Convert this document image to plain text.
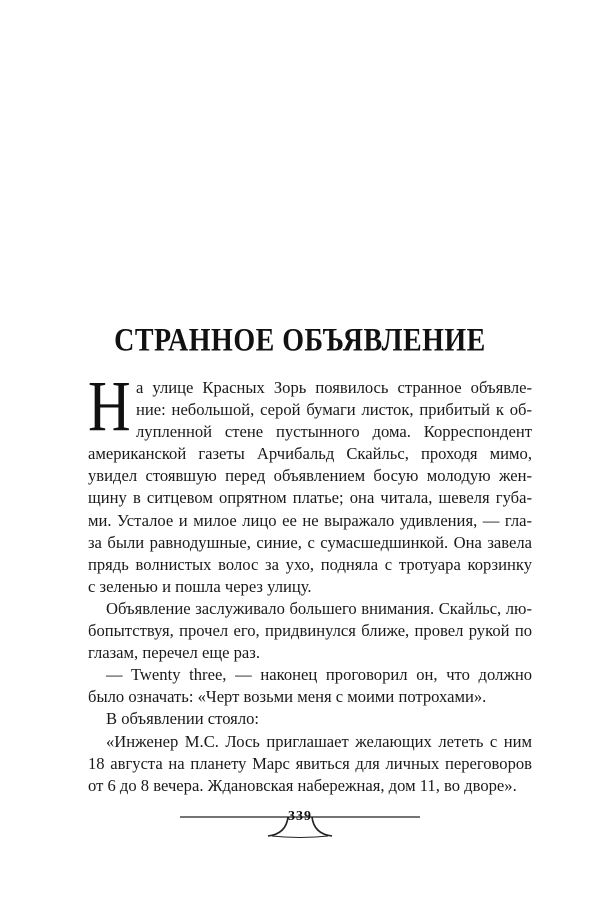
СТРАННОЕ ОБЪЯВЛЕНИЕ
Н а улице Красных Зорь появилось странное объявле-
ние: небольшой, серой бумаги листок, прибитый к об-
лупленной стене пустынного дома. Корреспондент
американской газеты Арчибальд Скайльс, проходя мимо,
увидел стоявшую перед объявлением босую молодую жен-
щину в ситцевом опрятном платье; она читала, шевеля губа-
ми. Усталое и милое лицо ее не выражало удивления, — гла-
за были равнодушные, синие, с сумасшедшинкой. Она завела
прядь волнистых волос за ухо, подняла с тротуара корзинку
с зеленью и пошла через улицу.
Объявление заслуживало большего внимания. Скайльс, лю-
бопытствуя, прочел его, придвинулся ближе, провел рукой по
глазам, перечел еще раз.
— Twenty three, — наконец проговорил он, что должно
было означать: «Черт возьми меня с моими потрохами».
В объявлении стояло:
«Инженер М.С. Лось приглашает желающих лететь с ним
18 августа на планету Марс явиться для личных переговоров
от 6 до 8 вечера. Ждановская набережная, дом 11, во дворе».
339
